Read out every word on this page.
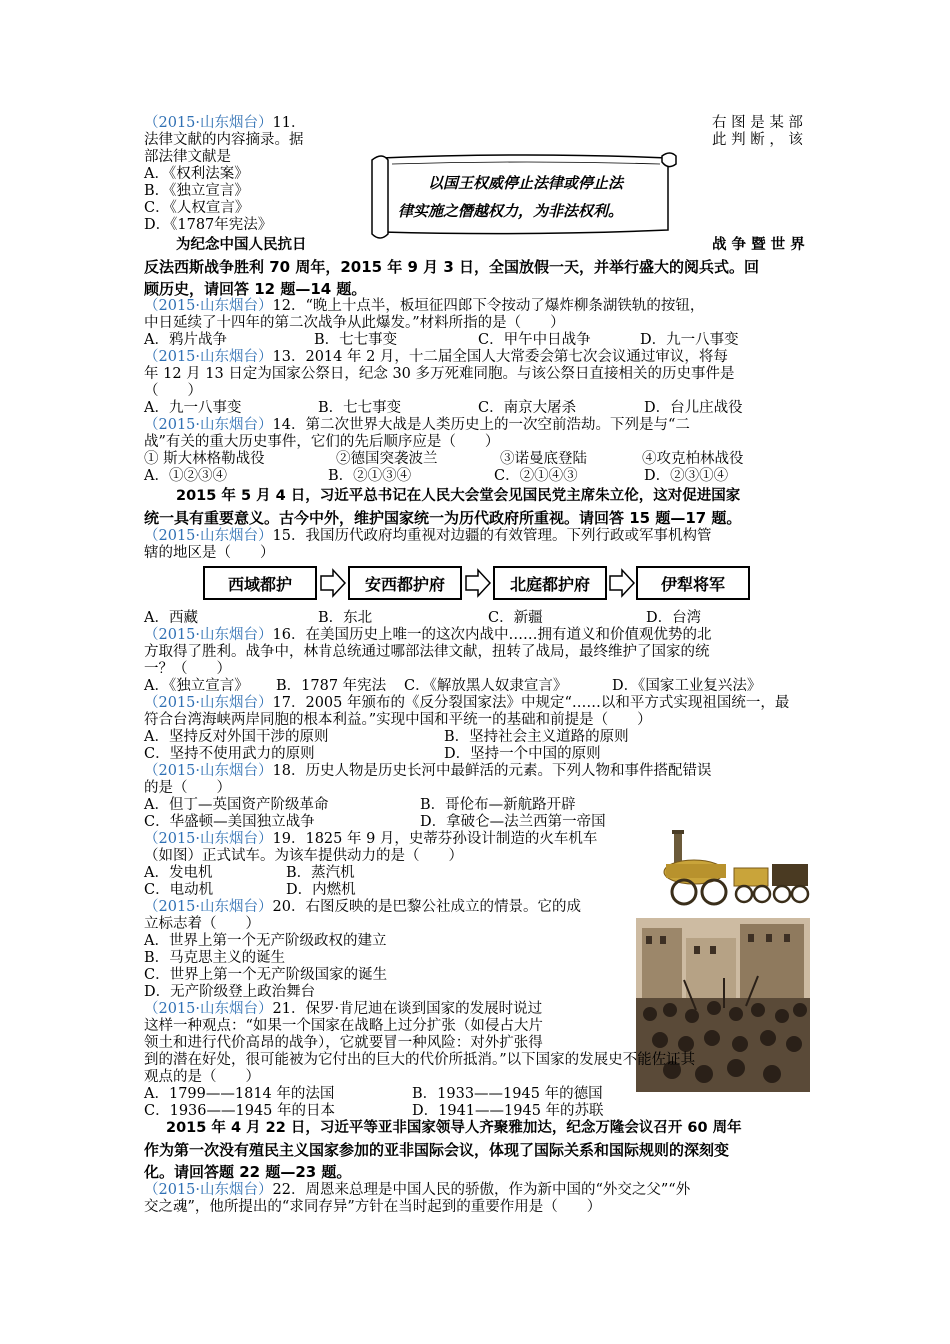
（2015·山东烟台）11．	右 图 是 某 部
法律文献的内容摘录。据	此 判 断 ， 该
部法律文献是
A．《权利法案》
B．《独立宣言》
C．《人权宣言》
D．《1787年宪法》
以国王权威停止法律或停止法
律实施之僭越权力，为非法权利。
为纪念中国人民抗日	战 争 暨 世 界
反法西斯战争胜利 70 周年，2015 年 9 月 3 日，全国放假一天，并举行盛大的阅兵式。回
顾历史，请回答 12 题—14 题。
（2015·山东烟台）12．“晚上十点半，板垣征四郎下令按动了爆炸柳条湖铁轨的按钮，
中日延续了十四年的第二次战争从此爆发。”材料所指的是（　　）
A．鸦片战争	B．七七事变	C．甲午中日战争	D．九一八事变
（2015·山东烟台）13．2014 年 2 月，十二届全国人大常委会第七次会议通过审议，将每
年 12 月 13 日定为国家公祭日，纪念 30 多万死难同胞。与该公祭日直接相关的历史事件是
（　　）
A．九一八事变	B．七七事变	C．南京大屠杀	D．台儿庄战役
（2015·山东烟台）14．第二次世界大战是人类历史上的一次空前浩劫。下列是与“二
战”有关的重大历史事件，它们的先后顺序应是（　　）
① 斯大林格勒战役	②德国突袭波兰	③诺曼底登陆	④攻克柏林战役
A．①②③④	B．②①③④	C．②①④③	D．②③①④
2015 年 5 月 4 日，习近平总书记在人民大会堂会见国民党主席朱立伦，这对促进国家
统一具有重要意义。古今中外，维护国家统一为历代政府所重视。请回答 15 题—17 题。
（2015·山东烟台）15．我国历代政府均重视对边疆的有效管理。下列行政或军事机构管
辖的地区是（　　）
西域都护	安西都护府	北庭都护府	伊犁将军
A．西藏	B．东北	C．新疆	D．台湾
（2015·山东烟台）16．在美国历史上唯一的这次内战中……拥有道义和价值观优势的北
方取得了胜利。战争中，林肯总统通过哪部法律文献，扭转了战局，最终维护了国家的统
一？（　　）
A．《独立宣言》 B．1787 年宪法 C．《解放黑人奴隶宣言》	D．《国家工业复兴法》
（2015·山东烟台）17．2005 年颁布的《反分裂国家法》中规定“……以和平方式实现祖国统一，最
符合台湾海峡两岸同胞的根本利益。”实现中国和平统一的基础和前提是（　　）
A．坚持反对外国干涉的原则	B．坚持社会主义道路的原则
C．坚持不使用武力的原则	D．坚持一个中国的原则
（2015·山东烟台）18．历史人物是历史长河中最鲜活的元素。下列人物和事件搭配错误
的是（　　）
A．但丁—英国资产阶级革命	B．哥伦布—新航路开辟
C．华盛顿—美国独立战争	D．拿破仑—法兰西第一帝国
（2015·山东烟台）19．1825 年 9 月，史蒂芬孙设计制造的火车机车
（如图）正式试车。为该车提供动力的是（　　）
A．发电机	B．蒸汽机
C．电动机	D．内燃机
（2015·山东烟台）20．右图反映的是巴黎公社成立的情景。它的成
立标志着（　　）
A．世界上第一个无产阶级政权的建立
B．马克思主义的诞生
C．世界上第一个无产阶级国家的诞生
D．无产阶级登上政治舞台
（2015·山东烟台）21．保罗·肯尼迪在谈到国家的发展时说过
这样一种观点：“如果一个国家在战略上过分扩张（如侵占大片
领土和进行代价高昂的战争），它就要冒一种风险：对外扩张得
到的潜在好处，很可能被为它付出的巨大的代价所抵消。”以下国家的发展史不能佐证其
观点的是（　　）
A．1799——1814 年的法国	B．1933——1945 年的德国
C．1936——1945 年的日本	D．1941——1945 年的苏联
2015 年 4 月 22 日，习近平等亚非国家领导人齐聚雅加达，纪念万隆会议召开 60 周年
作为第一次没有殖民主义国家参加的亚非国际会议，体现了国际关系和国际规则的深刻变
化。请回答题 22 题—23 题。
（2015·山东烟台）22．周恩来总理是中国人民的骄傲，作为新中国的“外交之父”“外
交之魂”，他所提出的“求同存异”方针在当时起到的重要作用是（　　）
